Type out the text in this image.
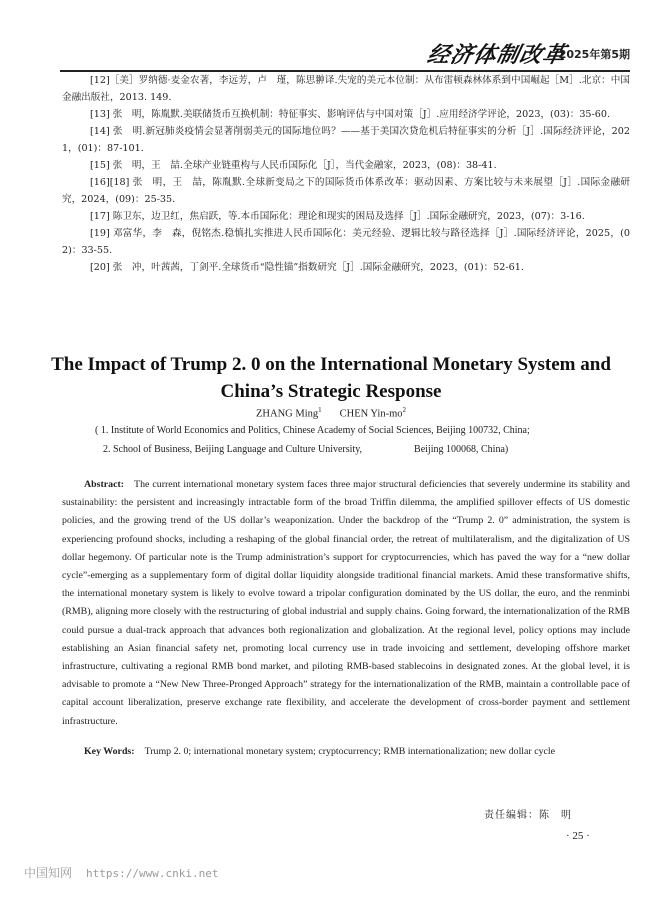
经济体制改革
2025年第5期
[12]［美］罗纳德·麦金农著，李远芳，卢　瑾，陈思翀译.失宠的美元本位制：从布雷顿森林体系到中国崛起［M］.北京：中国金融出版社，2013. 149.
[13] 张　明，陈胤默.美联储货币互换机制：特征事实、影响评估与中国对策［J］.应用经济学评论，2023，(03)：35-60.
[14] 张　明.新冠肺炎疫情会显著削弱美元的国际地位吗？——基于美国次贷危机后特征事实的分析［J］.国际经济评论，2021，(01)：87-101.
[15] 张　明，王　喆.全球产业链重构与人民币国际化［J］，当代金融家，2023，(08)：38-41.
[16][18] 张　明，王　喆，陈胤默.全球新变局之下的国际货币体系改革：驱动因素、方案比较与未来展望［J］.国际金融研究，2024，(09)：25-35.
[17] 陈卫东，边卫红，焦启跃，等.本币国际化：理论和现实的困局及选择［J］.国际金融研究，2023，(07)：3-16.
[19] 邓富华，李　森，倪铭杰.稳慎扎实推进人民币国际化：美元经验、逻辑比较与路径选择［J］.国际经济评论，2025，(02)：33-55.
[20] 张　冲，叶茜茜，丁剑平.全球货币“隐性锚”指数研究［J］.国际金融研究，2023，(01)：52-61.
The Impact of Trump 2. 0 on the International Monetary System and China’s Strategic Response
ZHANG Ming$^1$ CHEN Yin-$mo^2$
( 1. Institute of World Economics and Politics, Chinese Academy of Social Sciences, Beijing 100732, China;
2. School of Business, Beijing Language and Culture University,	Beijing 100068, China)
Abstract: The current international monetary system faces three major structural deficiencies that severely undermine its stability and sustainability: the persistent and increasingly intractable form of the broad Triffin dilemma, the amplified spillover effects of US domestic policies, and the growing trend of the US dollar’s weaponization. Under the backdrop of the “Trump 2. 0” administration, the system is experiencing profound shocks, including a reshaping of the global financial order, the retreat of multilateralism, and the digitalization of US dollar hegemony. Of particular note is the Trump administration’s support for cryptocurrencies, which has paved the way for a “new dollar cycle”-emerging as a supplementary form of digital dollar liquidity alongside traditional financial markets. Amid these transformative shifts, the international monetary system is likely to evolve toward a tripolar configuration dominated by the US dollar, the euro, and the renminbi (RMB), aligning more closely with the restructuring of global industrial and supply chains. Going forward, the internationalization of the RMB could pursue a dual-track approach that advances both regionalization and globalization. At the regional level, policy options may include establishing an Asian financial safety net, promoting local currency use in trade invoicing and settlement, developing offshore market infrastructure, cultivating a regional RMB bond market, and piloting RMB-based stablecoins in designated zones. At the global level, it is advisable to promote a “New New Three-Pronged Approach” strategy for the internationalization of the RMB, maintain a controllable pace of capital account liberalization, preserve exchange rate flexibility, and accelerate the development of cross-border payment and settlement infrastructure.
Key Words: Trump 2. 0; international monetary system; cryptocurrency; RMB internationalization; new dollar cycle
责任编辑：陈　明
· 25 ·
中国知网 https://www.cnki.net
